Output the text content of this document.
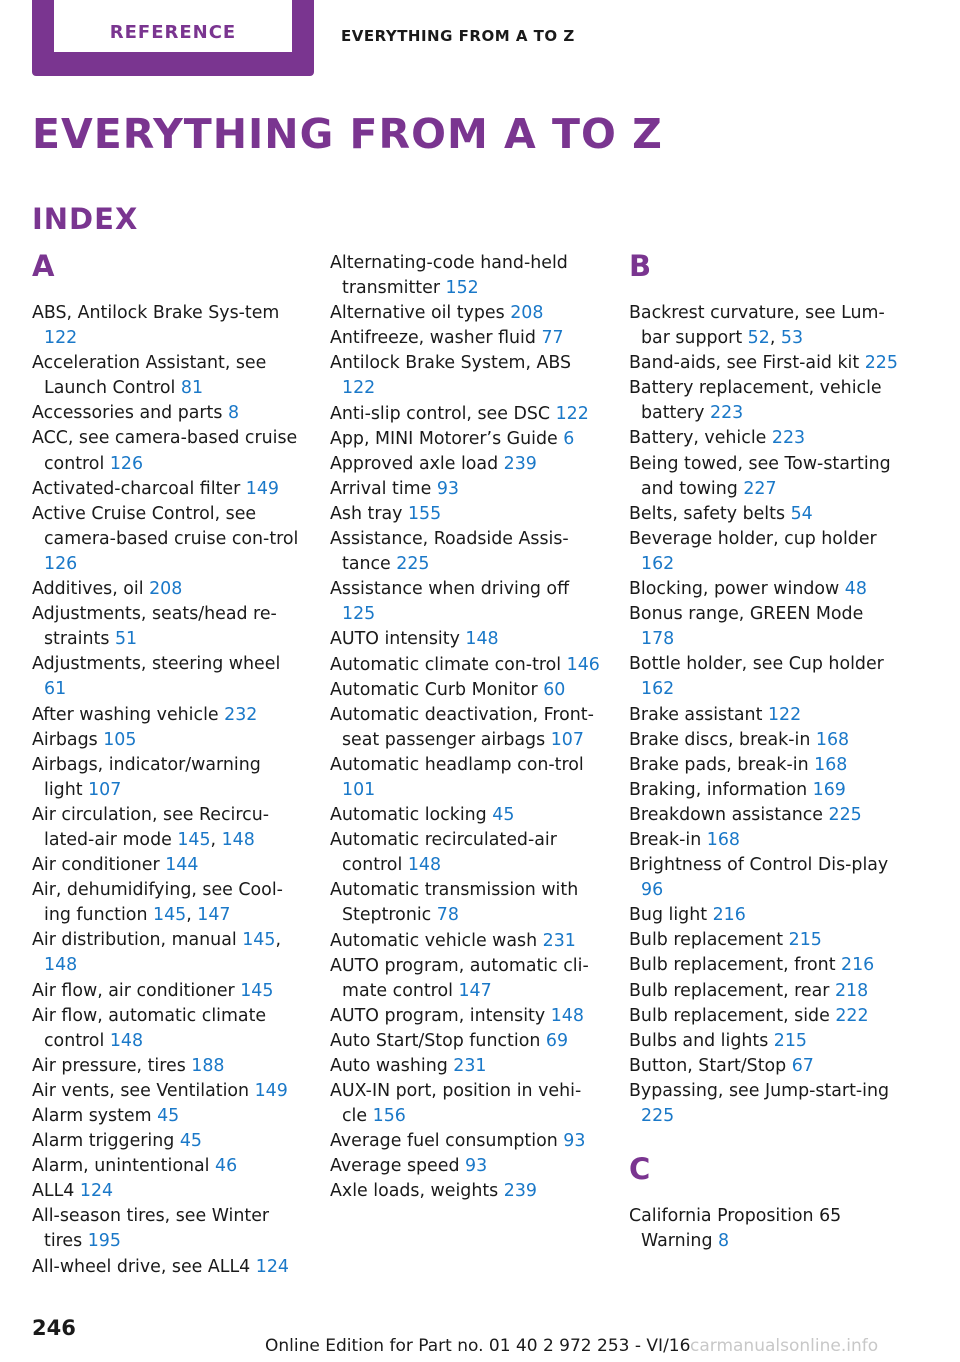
REFERENCE	EVERYTHING FROM A TO Z
EVERYTHING FROM A TO Z
INDEX
A
ABS, Antilock Brake Sys-tem 122
Acceleration Assistant, see Launch Control 81
Accessories and parts 8
ACC, see camera-based cruise control 126
Activated-charcoal filter 149
Active Cruise Control, see camera-based cruise con-trol 126
Additives, oil 208
Adjustments, seats/head re-straints 51
Adjustments, steering wheel 61
After washing vehicle 232
Airbags 105
Airbags, indicator/warning light 107
Air circulation, see Recircu-lated-air mode 145, 148
Air conditioner 144
Air, dehumidifying, see Cool-ing function 145, 147
Air distribution, manual 145, 148
Air flow, air conditioner 145
Air flow, automatic climate control 148
Air pressure, tires 188
Air vents, see Ventilation 149
Alarm system 45
Alarm triggering 45
Alarm, unintentional 46
ALL4 124
All-season tires, see Winter tires 195
All-wheel drive, see ALL4 124
Alternating-code hand-held transmitter 152
Alternative oil types 208
Antifreeze, washer fluid 77
Antilock Brake System, ABS 122
Anti-slip control, see DSC 122
App, MINI Motorer’s Guide 6
Approved axle load 239
Arrival time 93
Ash tray 155
Assistance, Roadside Assis-tance 225
Assistance when driving off 125
AUTO intensity 148
Automatic climate con-trol 146
Automatic Curb Monitor 60
Automatic deactivation, Front-seat passenger airbags 107
Automatic headlamp con-trol 101
Automatic locking 45
Automatic recirculated-air control 148
Automatic transmission with Steptronic 78
Automatic vehicle wash 231
AUTO program, automatic cli-mate control 147
AUTO program, intensity 148
Auto Start/Stop function 69
Auto washing 231
AUX-IN port, position in vehi-cle 156
Average fuel consumption 93
Average speed 93
Axle loads, weights 239
B
Backrest curvature, see Lum-bar support 52, 53
Band-aids, see First-aid kit 225
Battery replacement, vehicle battery 223
Battery, vehicle 223
Being towed, see Tow-starting and towing 227
Belts, safety belts 54
Beverage holder, cup holder 162
Blocking, power window 48
Bonus range, GREEN Mode 178
Bottle holder, see Cup holder 162
Brake assistant 122
Brake discs, break-in 168
Brake pads, break-in 168
Braking, information 169
Breakdown assistance 225
Break-in 168
Brightness of Control Dis-play 96
Bug light 216
Bulb replacement 215
Bulb replacement, front 216
Bulb replacement, rear 218
Bulb replacement, side 222
Bulbs and lights 215
Button, Start/Stop 67
Bypassing, see Jump-start-ing 225
C
California Proposition 65 Warning 8
246
Online Edition for Part no. 01 40 2 972 253 - VI/16 carmanualsonline.info
